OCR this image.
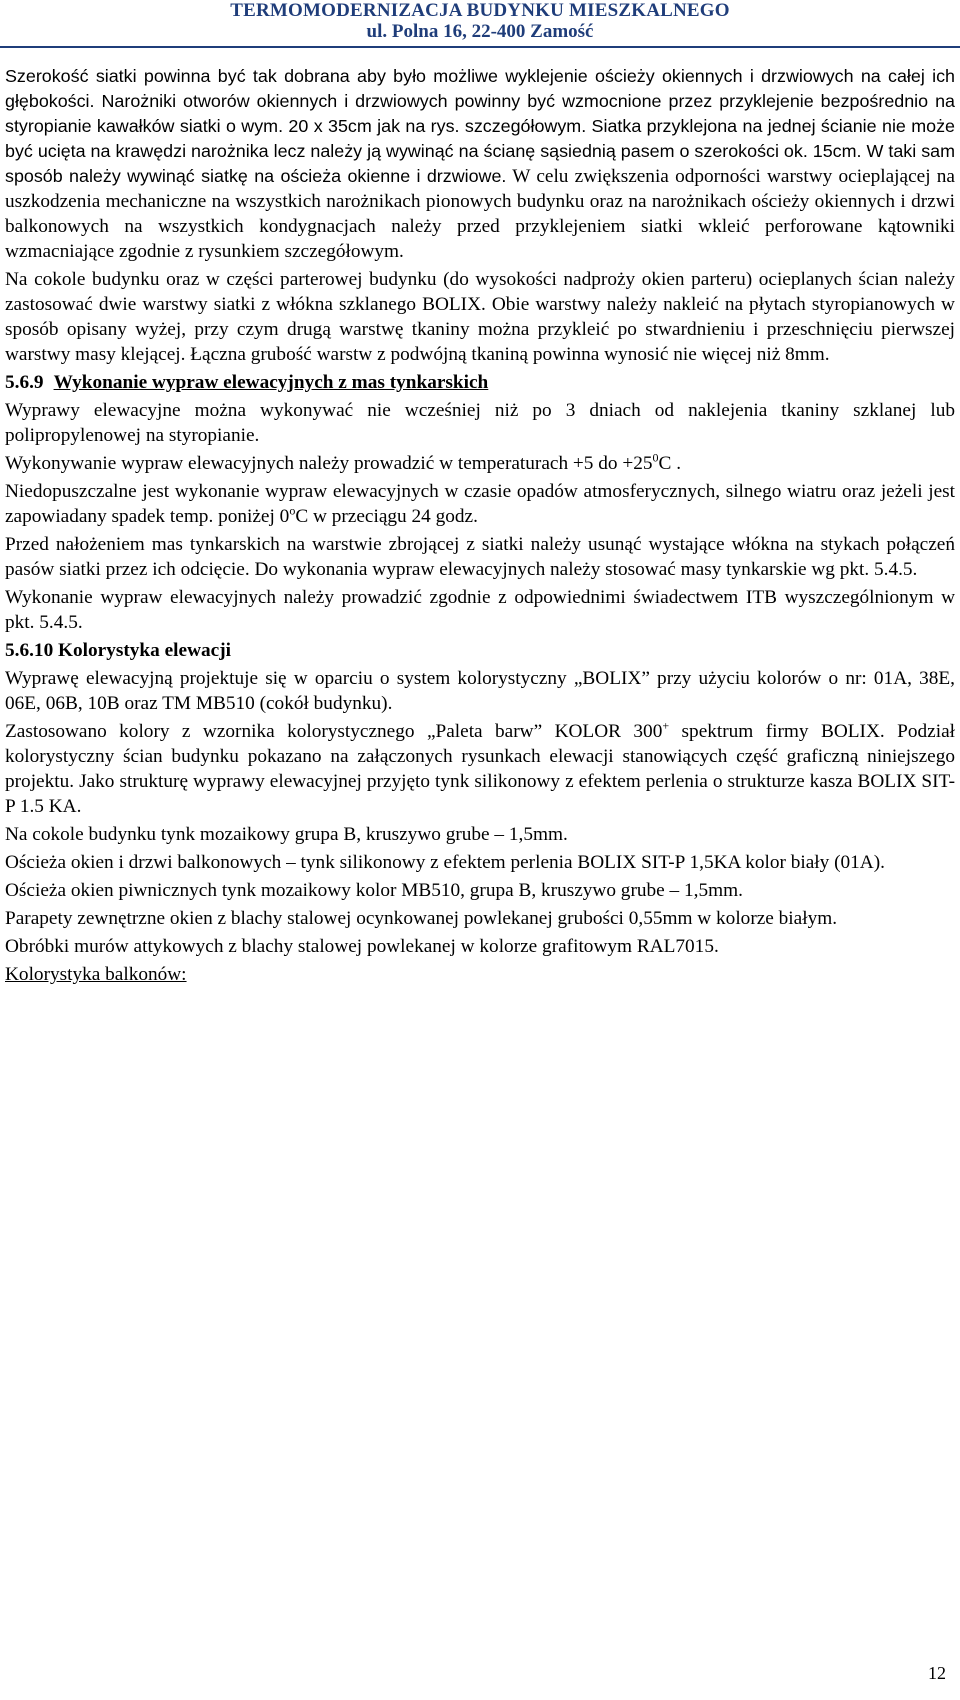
TERMOMODERNIZACJA BUDYNKU MIESZKALNEGO
ul. Polna 16, 22-400 Zamość

Szerokość siatki powinna być tak dobrana aby było możliwe wyklejenie ościeży okiennych i drzwiowych na całej ich głębokości. Narożniki otworów okiennych i drzwiowych powinny być wzmocnione przez przyklejenie bezpośrednio na styropianie kawałków siatki o wym. 20 x 35cm jak na rys. szczegółowym. Siatka przyklejona na jednej ścianie nie może być ucięta na krawędzi narożnika lecz należy ją wywinąć na ścianę sąsiednią pasem o szerokości ok. 15cm. W taki sam sposób należy wywinąć siatkę na ościeża okienne i drzwiowe. W celu zwiększenia odporności warstwy ocieplającej na uszkodzenia mechaniczne na wszystkich narożnikach pionowych budynku oraz na narożnikach ościeży okiennych i drzwi balkonowych na wszystkich kondygnacjach należy przed przyklejeniem siatki wkleić perforowane kątowniki wzmacniające zgodnie z rysunkiem szczegółowym.

Na cokole budynku oraz w części parterowej budynku (do wysokości nadproży okien parteru) ocieplanych ścian należy zastosować dwie warstwy siatki z włókna szklanego BOLIX. Obie warstwy należy nakleić na płytach styropianowych w sposób opisany wyżej, przy czym drugą warstwę tkaniny można przykleić po stwardnieniu i przeschnięciu pierwszej warstwy masy klejącej. Łączna grubość warstw z podwójną tkaniną powinna wynosić nie więcej niż 8mm.

5.6.9 Wykonanie wypraw elewacyjnych z mas tynkarskich

Wyprawy elewacyjne można wykonywać nie wcześniej niż po 3 dniach od naklejenia tkaniny szklanej lub polipropylenowej na styropianie.

Wykonywanie wypraw elewacyjnych należy prowadzić w temperaturach +5 do $+25^0C$ .

Niedopuszczalne jest wykonanie wypraw elewacyjnych w czasie opadów atmosferycznych, silnego wiatru oraz jeżeli jest zapowiadany spadek temp. poniżej 0$^o$C w przeciągu 24 godz.

Przed nałożeniem mas tynkarskich na warstwie zbrojącej z siatki należy usunąć wystające włókna na stykach połączeń pasów siatki przez ich odcięcie. Do wykonania wypraw elewacyjnych należy stosować masy tynkarskie wg pkt. 5.4.5.

Wykonanie wypraw elewacyjnych należy prowadzić zgodnie z odpowiednimi świadectwem ITB wyszczególnionym w pkt. 5.4.5.

5.6.10 Kolorystyka elewacji

Wyprawę elewacyjną projektuje się w oparciu o system kolorystyczny „BOLIX” przy użyciu kolorów o nr: 01A, 38E, 06E, 06B, 10B oraz TM MB510 (cokół budynku).

Zastosowano kolory z wzornika kolorystycznego „Paleta barw” KOLOR 300+ spektrum firmy BOLIX. Podział kolorystyczny ścian budynku pokazano na załączonych rysunkach elewacji stanowiących część graficzną niniejszego projektu. Jako strukturę wyprawy elewacyjnej przyjęto tynk silikonowy z efektem perlenia o strukturze kasza BOLIX SIT-P 1.5 KA.

Na cokole budynku tynk mozaikowy grupa B, kruszywo grube – 1,5mm.

Ościeża okien i drzwi balkonowych – tynk silikonowy z efektem perlenia BOLIX SIT-P 1,5KA kolor biały (01A).

Ościeża okien piwnicznych tynk mozaikowy kolor MB510, grupa B, kruszywo grube – 1,5mm.

Parapety zewnętrzne okien z blachy stalowej ocynkowanej powlekanej grubości 0,55mm w kolorze białym.

Obróbki murów attykowych z blachy stalowej powlekanej w kolorze grafitowym RAL7015.

Kolorystyka balkonów:

12
